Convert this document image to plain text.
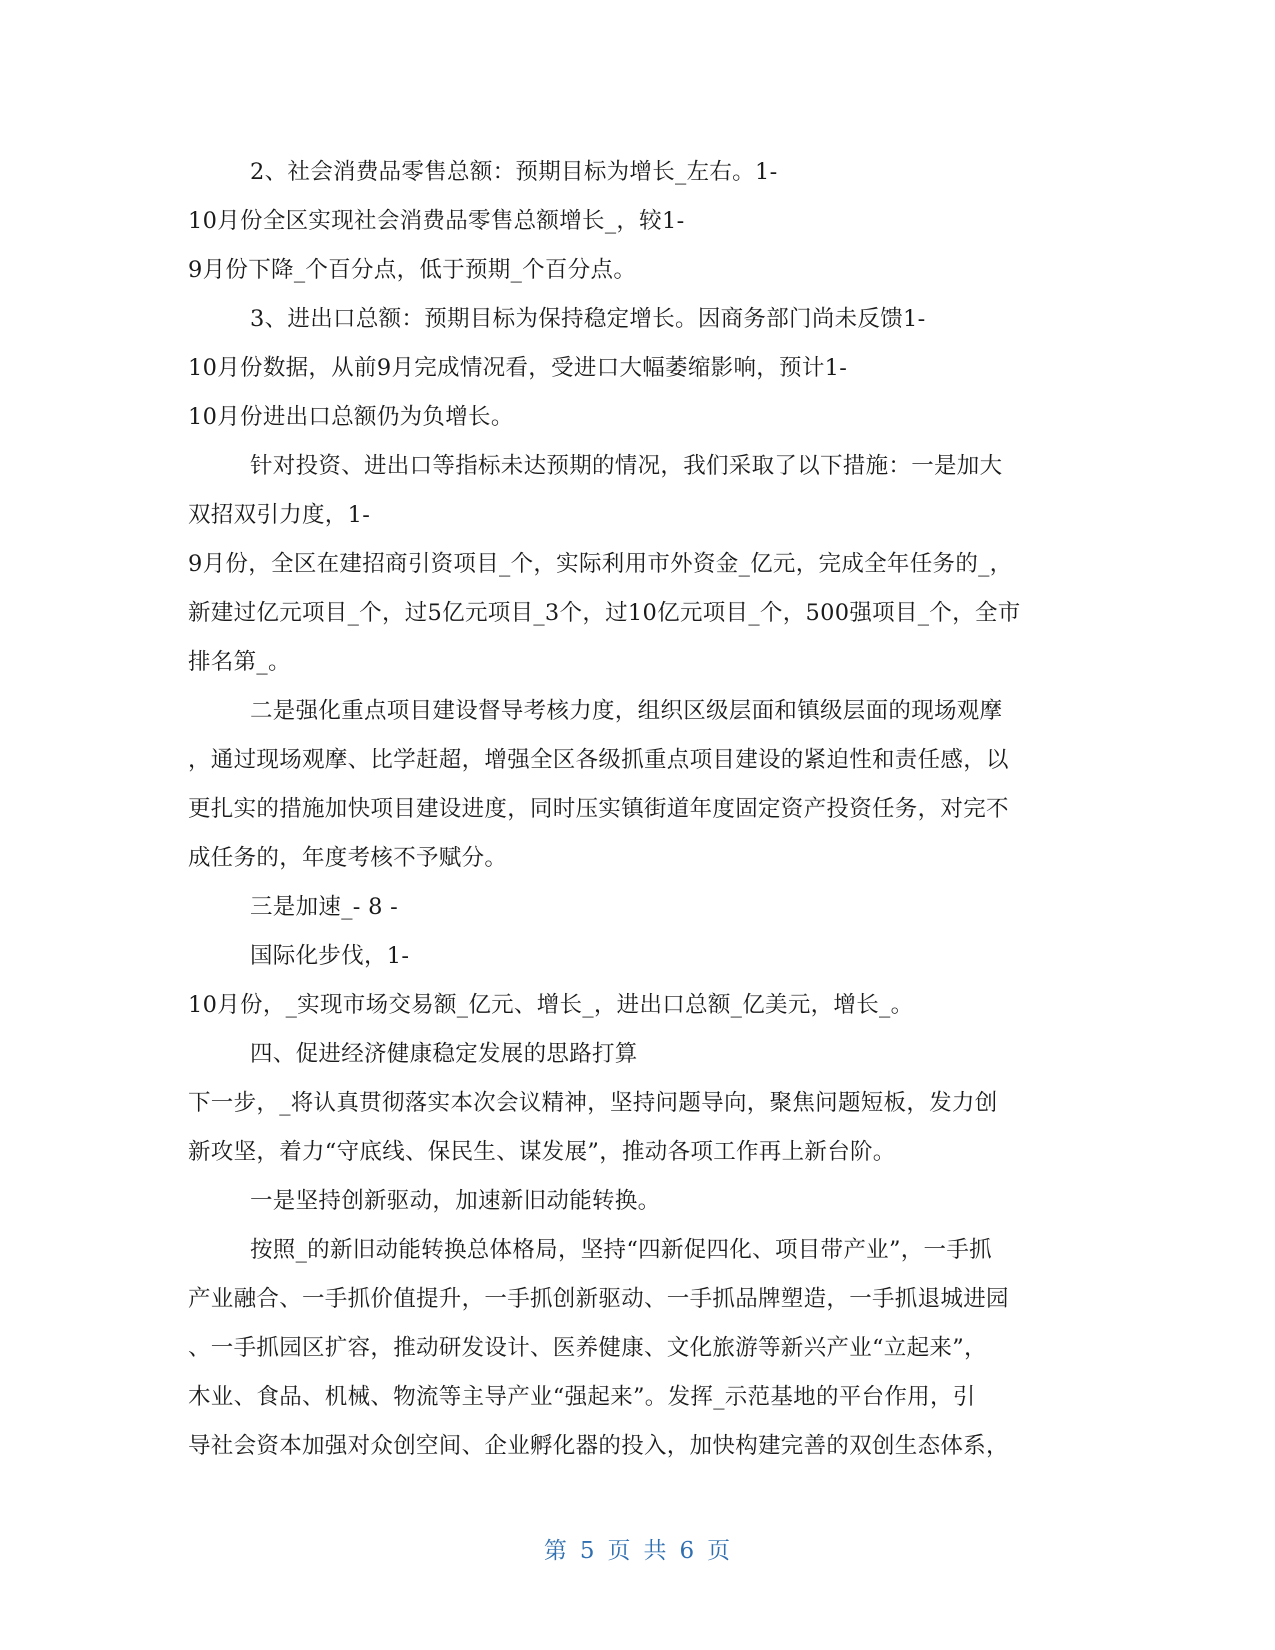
2、社会消费品零售总额：预期目标为增长_左右。1-
10月份全区实现社会消费品零售总额增长_，较1-
9月份下降_个百分点，低于预期_个百分点。
3、进出口总额：预期目标为保持稳定增长。因商务部门尚未反馈1-
10月份数据，从前9月完成情况看，受进口大幅萎缩影响，预计1-
10月份进出口总额仍为负增长。
针对投资、进出口等指标未达预期的情况，我们采取了以下措施：一是加大
双招双引力度，1-
9月份，全区在建招商引资项目_个，实际利用市外资金_亿元，完成全年任务的_，
新建过亿元项目_个，过5亿元项目_3个，过10亿元项目_个，500强项目_个，全市
排名第_。
二是强化重点项目建设督导考核力度，组织区级层面和镇级层面的现场观摩
，通过现场观摩、比学赶超，增强全区各级抓重点项目建设的紧迫性和责任感，以
更扎实的措施加快项目建设进度，同时压实镇街道年度固定资产投资任务，对完不
成任务的，年度考核不予赋分。
三是加速_- 8 -
国际化步伐，1-
10月份，_实现市场交易额_亿元、增长_，进出口总额_亿美元，增长_。
四、促进经济健康稳定发展的思路打算
下一步，_将认真贯彻落实本次会议精神，坚持问题导向，聚焦问题短板，发力创
新攻坚，着力“守底线、保民生、谋发展”，推动各项工作再上新台阶。
一是坚持创新驱动，加速新旧动能转换。
按照_的新旧动能转换总体格局，坚持“四新促四化、项目带产业”，一手抓
产业融合、一手抓价值提升，一手抓创新驱动、一手抓品牌塑造，一手抓退城进园
、一手抓园区扩容，推动研发设计、医养健康、文化旅游等新兴产业“立起来”，
木业、食品、机械、物流等主导产业“强起来”。发挥_示范基地的平台作用，引
导社会资本加强对众创空间、企业孵化器的投入，加快构建完善的双创生态体系，
第 5 页 共 6 页
